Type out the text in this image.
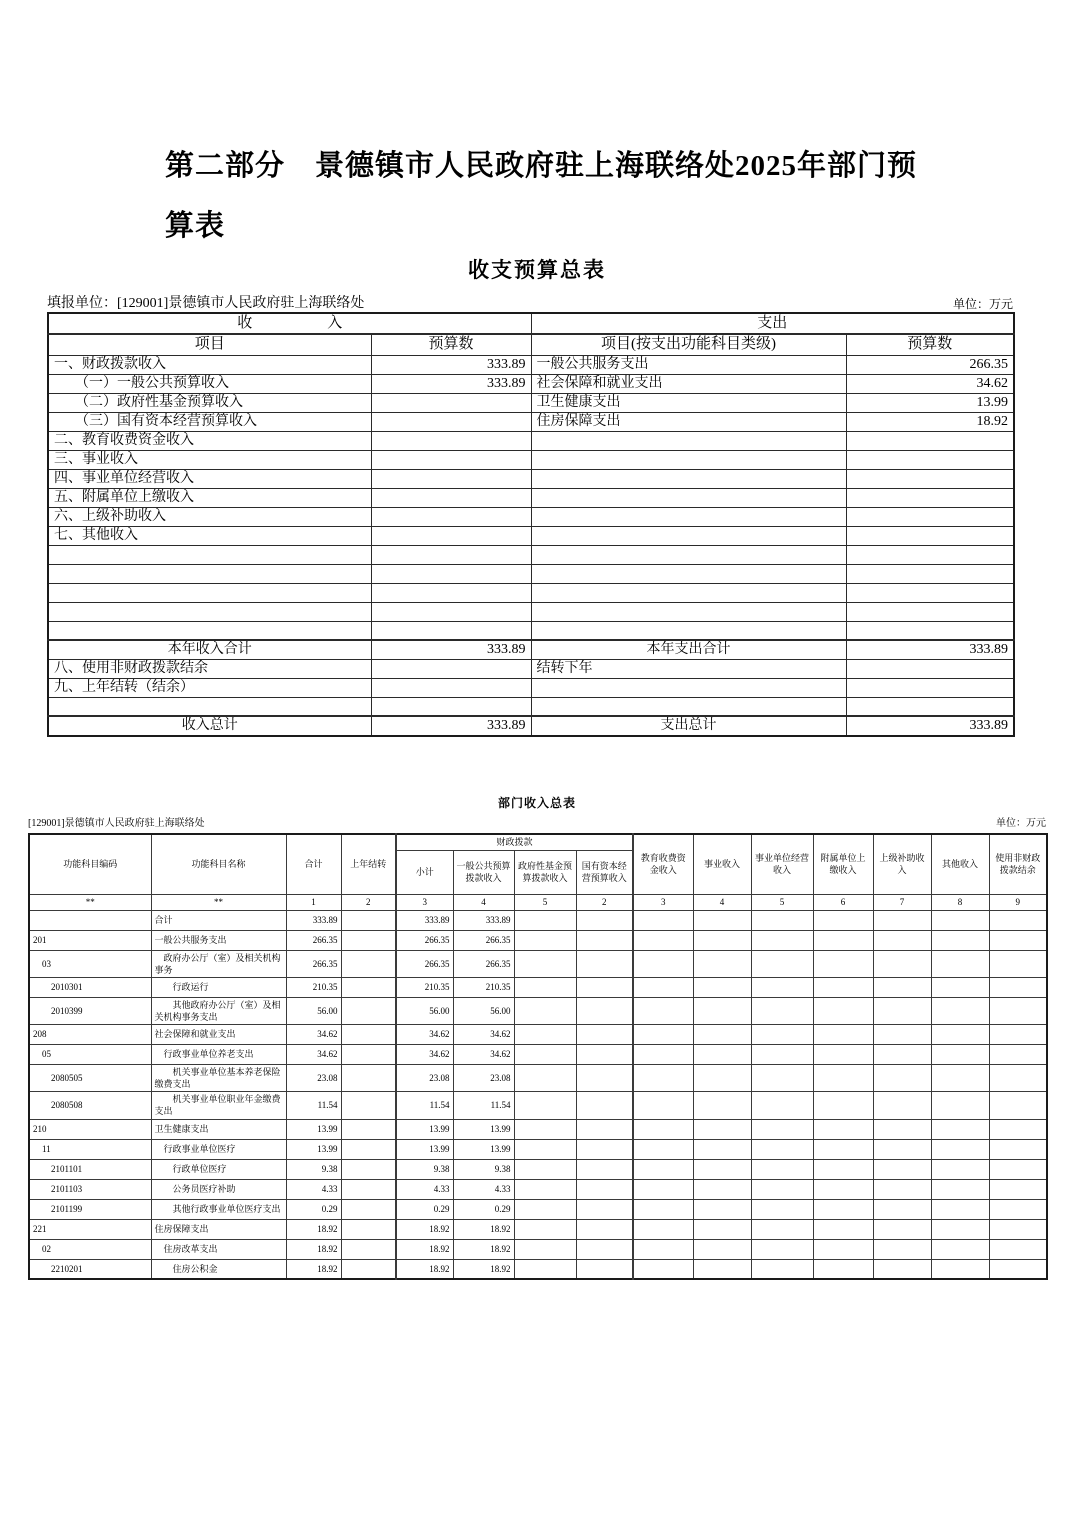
第二部分　景德镇市人民政府驻上海联络处2025年部门预算表
收支预算总表
填报单位：[129001]景德镇市人民政府驻上海联络处	单位：万元
收　　　　　入		支出	
项目	预算数	项目(按支出功能科目类级)	预算数
一、财政拨款收入	333.89	一般公共服务支出	266.35
　　（一）一般公共预算收入	333.89	社会保障和就业支出	34.62
　　（二）政府性基金预算收入		卫生健康支出	13.99
　　（三）国有资本经营预算收入		住房保障支出	18.92
二、教育收费资金收入			
三、事业收入			
四、事业单位经营收入			
五、附属单位上缴收入			
六、上级补助收入			
七、其他收入			

本年收入合计	333.89	本年支出合计	333.89
八、使用非财政拨款结余		结转下年	
九、上年结转（结余）			

收入总计	333.89	支出总计	333.89
部门收入总表
[129001]景德镇市人民政府驻上海联络处	单位：万元
功能科目编码	功能科目名称	合计	上年结转	财政拨款				教育收费资金收入	事业收入	事业单位经营收入	附属单位上缴收入	上级补助收入	其他收入	使用非财政拨款结余
				小计	一般公共预算拨款收入	政府性基金预算拨款收入	国有资本经营预算收入							
**	**	1	2	3	4	5	2	3	4	5	6	7	8	9
	合计	333.89		333.89	333.89									
201	一般公共服务支出	266.35		266.35	266.35									
　03	　政府办公厅（室）及相关机构事务	266.35		266.35	266.35									
　　2010301	　　行政运行	210.35		210.35	210.35									
　　2010399	　　其他政府办公厅（室）及相关机构事务支出	56.00		56.00	56.00									
208	社会保障和就业支出	34.62		34.62	34.62									
　05	　行政事业单位养老支出	34.62		34.62	34.62									
　　2080505	　　机关事业单位基本养老保险缴费支出	23.08		23.08	23.08									
　　2080508	　　机关事业单位职业年金缴费支出	11.54		11.54	11.54									
210	卫生健康支出	13.99		13.99	13.99									
　11	　行政事业单位医疗	13.99		13.99	13.99									
　　2101101	　　行政单位医疗	9.38		9.38	9.38									
　　2101103	　　公务员医疗补助	4.33		4.33	4.33									
　　2101199	　　其他行政事业单位医疗支出	0.29		0.29	0.29									
221	住房保障支出	18.92		18.92	18.92									
　02	　住房改革支出	18.92		18.92	18.92									
　　2210201	　　住房公积金	18.92		18.92	18.92									
